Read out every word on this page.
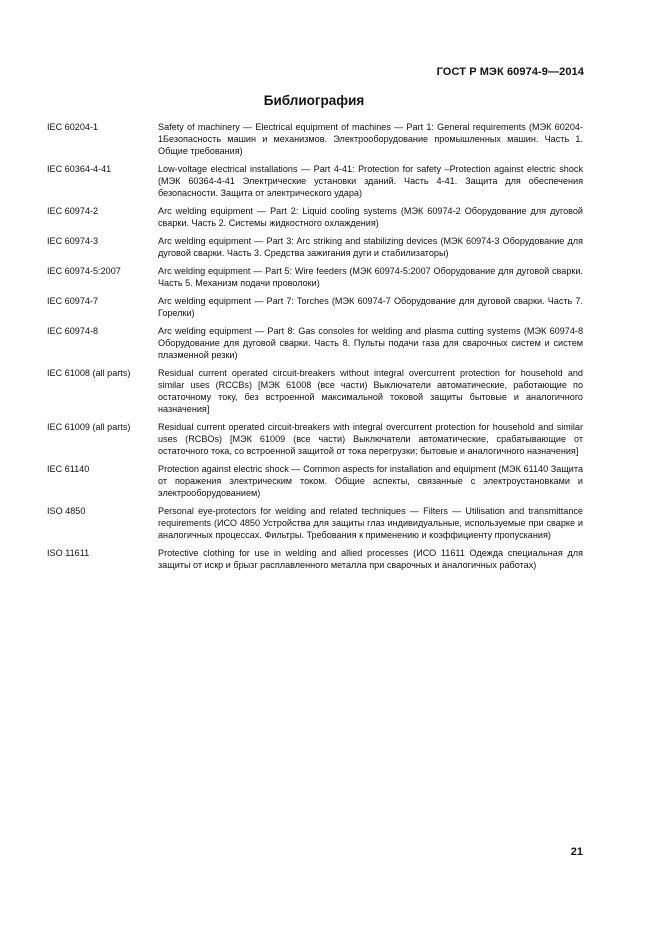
ГОСТ Р МЭК 60974-9—2014
Библиография
IEC 60204-1	Safety of machinery — Electrical equipment of machines — Part 1: General requirements (МЭК 60204-1Безопасность машин и механизмов. Электрооборудование промышленных машин. Часть 1. Общие требования)
IEC 60364-4-41	Low-voltage electrical installations — Part 4-41: Protection for safety –Protection against electric shock (МЭК 60364-4-41 Электрические установки зданий. Часть 4-41. Защита для обеспечения безопасности. Защита от электрического удара)
IEC 60974-2	Arc welding equipment — Part 2: Liquid cooling systems (МЭК 60974-2 Оборудование для дуговой сварки. Часть 2. Системы жидкостного охлаждения)
IEC 60974-3	Arc welding equipment — Part 3: Arc striking and stabilizing devices (МЭК 60974-3 Оборудование для дуговой сварки. Часть 3. Средства зажигания дуги и стабилизаторы)
IEC 60974-5:2007	Arc welding equipment — Part 5: Wire feeders (МЭК 60974-5:2007 Оборудование для дуговой сварки. Часть 5. Механизм подачи проволоки)
IEC 60974-7	Arc welding equipment — Part 7: Torches (МЭК 60974-7 Оборудование для дуговой сварки. Часть 7. Горелки)
IEC 60974-8	Arc welding equipment — Part 8: Gas consoles for welding and plasma cutting systems (МЭК 60974-8 Оборудование для дуговой сварки. Часть 8. Пульты подачи газа для сварочных систем и систем плазменной резки)
IEC 61008 (all parts)	Residual current operated circuit-breakers without integral overcurrent protection for household and similar uses (RCCBs) [МЭК 61008 (все части) Выключатели автоматические, работающие по остаточному току, без встроенной максимальной токовой защиты бытовые и аналогичного назначения]
IEC 61009 (all parts)	Residual current operated circuit-breakers with integral overcurrent protection for household and similar uses (RCBOs) [МЭК 61009 (все части) Выключатели автоматические, срабатывающие от остаточного тока, со встроенной защитой от тока перегрузки; бытовые и аналогичного назначения]
IEC 61140	Protection against electric shock — Common aspects for installation and equipment (МЭК 61140 Защита от поражения электрическим током. Общие аспекты, связанные с электроустановками и электрооборудованием)
ISO 4850	Personal eye-protectors for welding and related techniques — Filters — Utilisation and transmittance requirements (ИСО 4850 Устройства для защиты глаз индивидуальные, используемые при сварке и аналогичных процессах. Фильтры. Требования к применению и коэффициенту пропускания)
ISO 11611	Protective clothing for use in welding and allied processes (ИСО 11611 Одежда специальная для защиты от искр и брызг расплавленного металла при сварочных и аналогичных работах)
21
